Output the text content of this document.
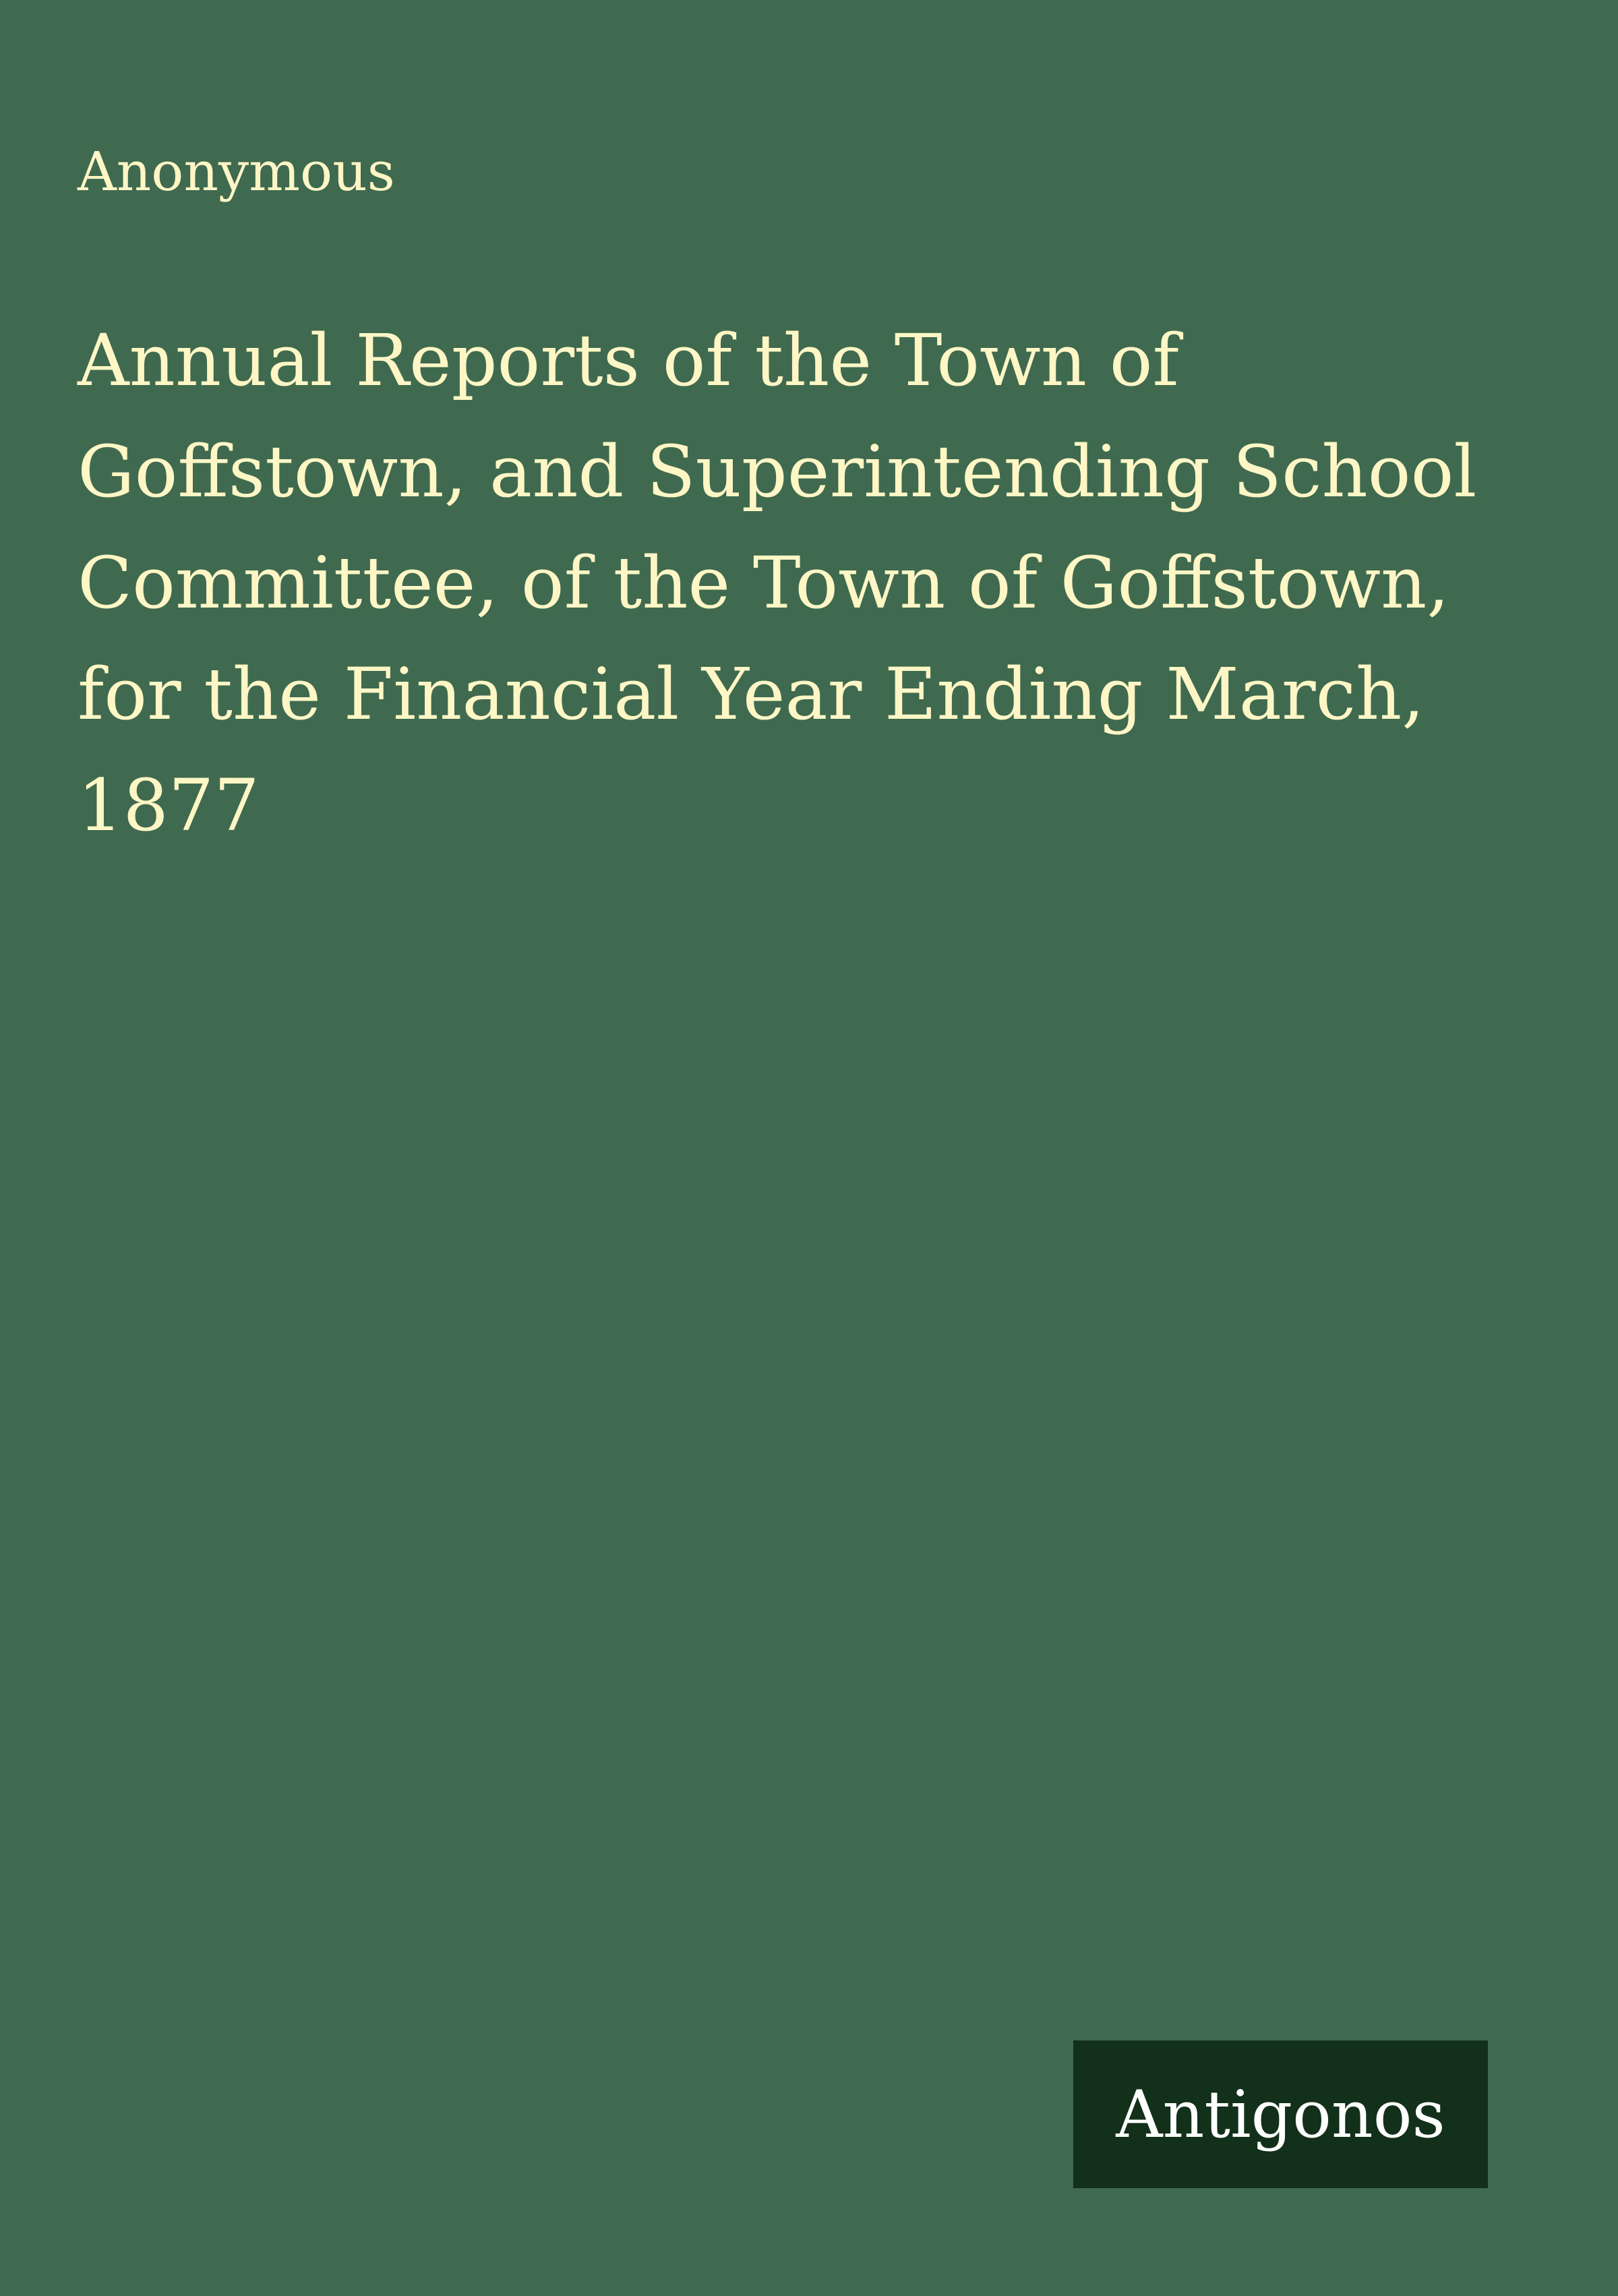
Anonymous

Annual Reports of the Town of Goffstown, and Superintending School Committee, of the Town of Goffstown, for the Financial Year Ending March, 1877
Antigonos
